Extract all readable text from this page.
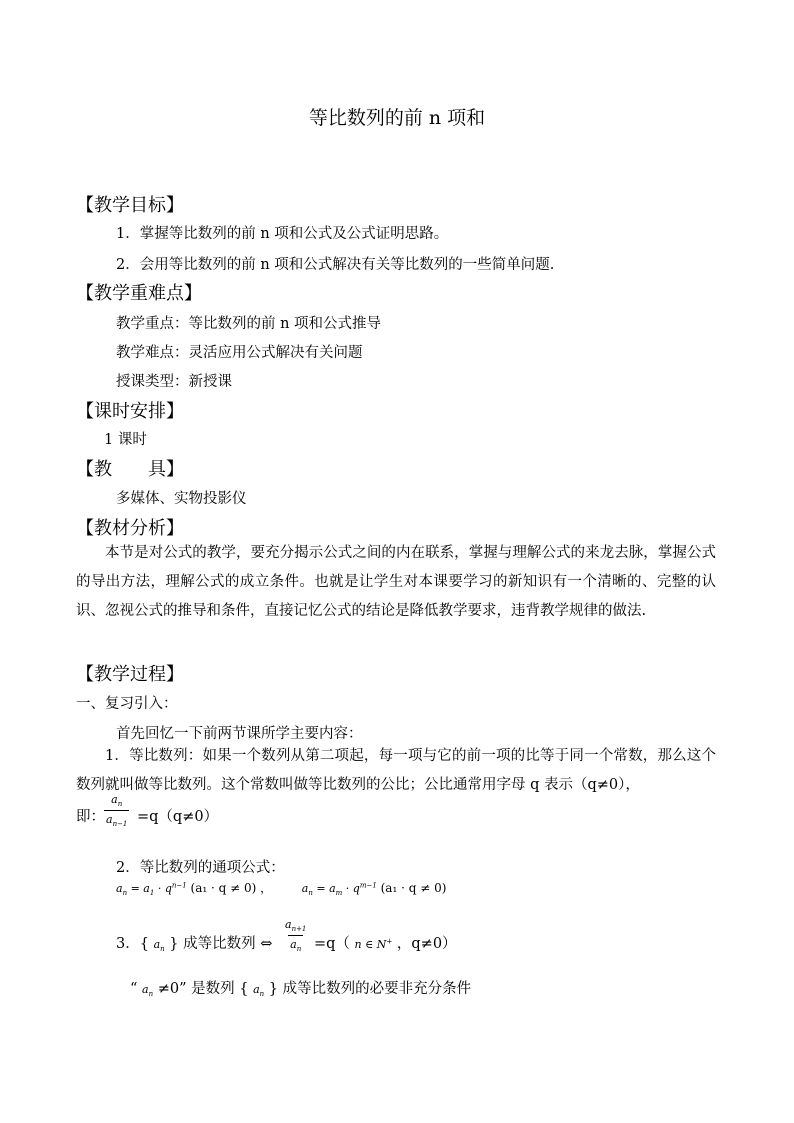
等比数列的前 n 项和
【教学目标】
1．掌握等比数列的前 n 项和公式及公式证明思路。
2．会用等比数列的前 n 项和公式解决有关等比数列的一些简单问题.
【教学重难点】
教学重点：等比数列的前 n 项和公式推导
教学难点：灵活应用公式解决有关问题
授课类型：新授课
【课时安排】
1 课时
【教　　具】
多媒体、实物投影仪
【教材分析】
本节是对公式的教学，要充分揭示公式之间的内在联系，掌握与理解公式的来龙去脉，掌握公式的导出方法，理解公式的成立条件。也就是让学生对本课要学习的新知识有一个清晰的、完整的认识、忽视公式的推导和条件，直接记忆公式的结论是降低教学要求，违背教学规律的做法.
【教学过程】
一、复习引入：
首先回忆一下前两节课所学主要内容：
1．等比数列：如果一个数列从第二项起，每一项与它的前一项的比等于同一个常数，那么这个数列就叫做等比数列。这个常数叫做等比数列的公比；公比通常用字母 q 表示（q≠0），
即： $\frac{a_n}{a_{n-1}} =q(q\ne 0)$
2．等比数列的通项公式：
$a_n = a_1 \cdot q^{n-1}$ (a₁ · q ≠ 0) ，	$a_n = a_m \cdot q^{m-1}$ (a₁ · q ≠ 0)
3．{ $a_n$ } 成等比数列 ⇔ $\frac{a_{n+1}}{a_n} =q$（ n ∈ N+ ，q≠0）
“ $a_n \ne 0$” 是数列 { $a_n$ } 成等比数列的必要非充分条件
